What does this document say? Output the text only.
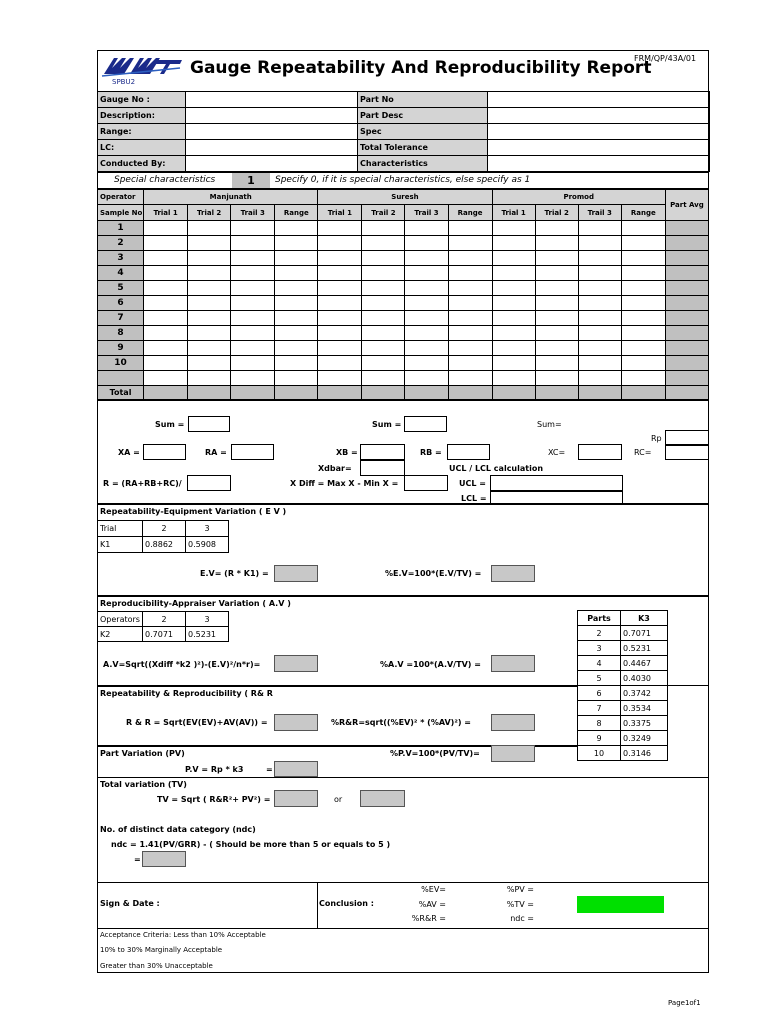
SPBU2
Gauge Repeatability And Reproducibility Report
FRM/QP/43A/01
Gauge No :		Part No	
Description:		Part Desc	
Range:		Spec	
LC:		Total Tolerance	
Conducted By:		Characteristics	
Special characteristics	1	Specify 0, if it is special characteristics, else specify as 1
Operator	Manjunath				Suresh				Promod				Part Avg
Sample No	Trial 1	Trial 2	Trail 3	Range	Trial 1	Trail 2	Trail 3	Range	Trial 1	Trial 2	Trail 3	Range	
1													
2													
3													
4													
5													
6													
7													
8													
9													
10													

Total													
Sum =	Sum =	Sum=
Rp
XA =	RA =	XB =	RB =	XC=	RC=
Xdbar=	UCL / LCL calculation
R = (RA+RB+RC)/	X Diff = Max X - Min X =	UCL =
LCL =
Repeatability-Equipment Variation ( E V )
Trial	2	3
K1	0.8862	0.5908
E.V= (R * K1) =	%E.V=100*(E.V/TV) =
Reproducibility-Appraiser Variation ( A.V )
Operators	2	3
K2	0.7071	0.5231
A.V=Sqrt((Xdiff *k2 )²)-(E.V)²/n*r)=	%A.V =100*(A.V/TV) =
Parts	K3
2	0.7071
3	0.5231
4	0.4467
5	0.4030
6	0.3742
7	0.3534
8	0.3375
9	0.3249
10	0.3146
Repeatability & Reproducibility ( R& R
R & R = Sqrt(EV(EV)+AV(AV)) =	%R&R=sqrt((%EV)² * (%AV)²) =
Part Variation (PV)	%P.V=100*(PV/TV)=
P.V = Rp * k3	=
Total variation (TV)
TV = Sqrt ( R&R²+ PV²) =	or
No. of distinct data category (ndc)
ndc = 1.41(PV/GRR) - ( Should be more than 5 or equals to 5 )
=
Sign & Date :	Conclusion :
%EV=
%AV =
%R&R =
%PV =
%TV =
ndc =
Acceptance Criteria: Less than 10% Acceptable
10% to 30% Marginally Acceptable
Greater than 30% Unacceptable
Page1of1
